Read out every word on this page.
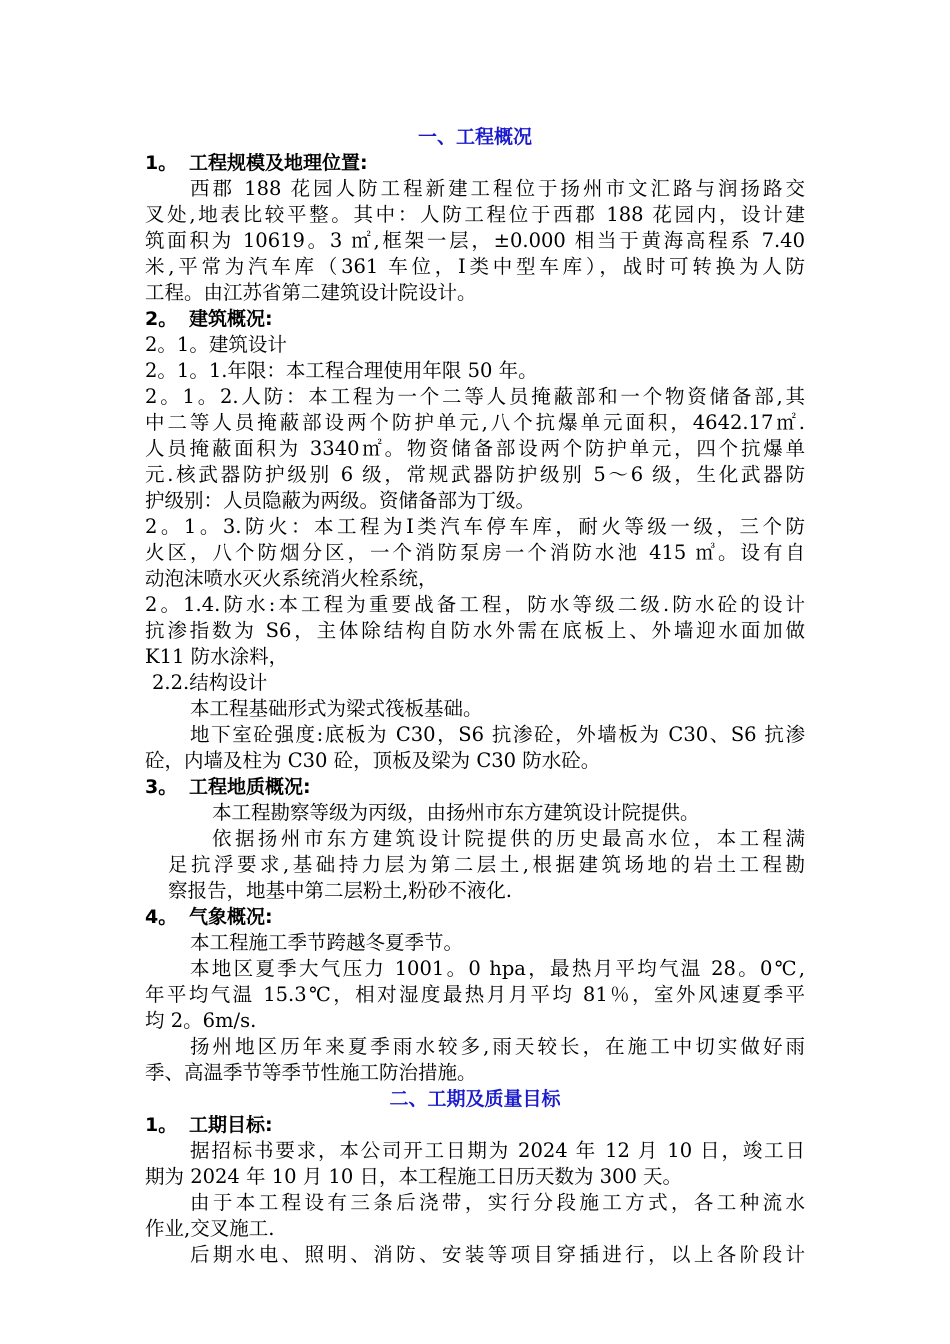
一、工程概况
1。 工程规模及地理位置:
西郡 188 花园人防工程新建工程位于扬州市文汇路与润扬路交
叉处,地表比较平整。其中：人防工程位于西郡 188 花园内，设计建
筑面积为 10619。3 ㎡,框架一层，±0.000 相当于黄海高程系 7.40
米,平常为汽车库（361 车位，Ⅰ类中型车库），战时可转换为人防
工程。由江苏省第二建筑设计院设计。
2。 建筑概况:
2。1。建筑设计
2。1。1.年限：本工程合理使用年限 50 年。
2。1。2.人防：本工程为一个二等人员掩蔽部和一个物资储备部,其
中二等人员掩蔽部设两个防护单元,八个抗爆单元面积，4642.17㎡.
人员掩蔽面积为 3340㎡。物资储备部设两个防护单元，四个抗爆单
元.核武器防护级别 6 级，常规武器防护级别 5～6 级，生化武器防
护级别：人员隐蔽为两级。资储备部为丁级。
2。1。3.防火：本工程为Ⅰ类汽车停车库，耐火等级一级，三个防
火区，八个防烟分区，一个消防泵房一个消防水池 415 ㎥。设有自
动泡沫喷水灭火系统消火栓系统，
2。1.4.防水:本工程为重要战备工程，防水等级二级.防水砼的设计
抗渗指数为 S6，主体除结构自防水外需在底板上、外墙迎水面加做
K11 防水涂料，
2.2.结构设计
本工程基础形式为梁式筏板基础。
地下室砼强度:底板为 C30，S6 抗渗砼，外墙板为 C30、S6 抗渗
砼，内墙及柱为 C30 砼，顶板及梁为 C30 防水砼。
3。 工程地质概况:
本工程勘察等级为丙级，由扬州市东方建筑设计院提供。
依据扬州市东方建筑设计院提供的历史最高水位，本工程满
足抗浮要求,基础持力层为第二层土,根据建筑场地的岩土工程勘
察报告，地基中第二层粉土,粉砂不液化.
4。 气象概况:
本工程施工季节跨越冬夏季节。
本地区夏季大气压力 1001。0 hpa，最热月平均气温 28。0℃,
年平均气温 15.3℃，相对湿度最热月月平均 81％，室外风速夏季平
均 2。6m/s.
扬州地区历年来夏季雨水较多,雨天较长，在施工中切实做好雨
季、高温季节等季节性施工防治措施。
二、工期及质量目标
1。 工期目标:
据招标书要求，本公司开工日期为 2024 年 12 月 10 日，竣工日
期为 2024 年 10 月 10 日，本工程施工日历天数为 300 天。
由于本工程设有三条后浇带，实行分段施工方式，各工种流水
作业,交叉施工.
后期水电、照明、消防、安装等项目穿插进行，以上各阶段计
